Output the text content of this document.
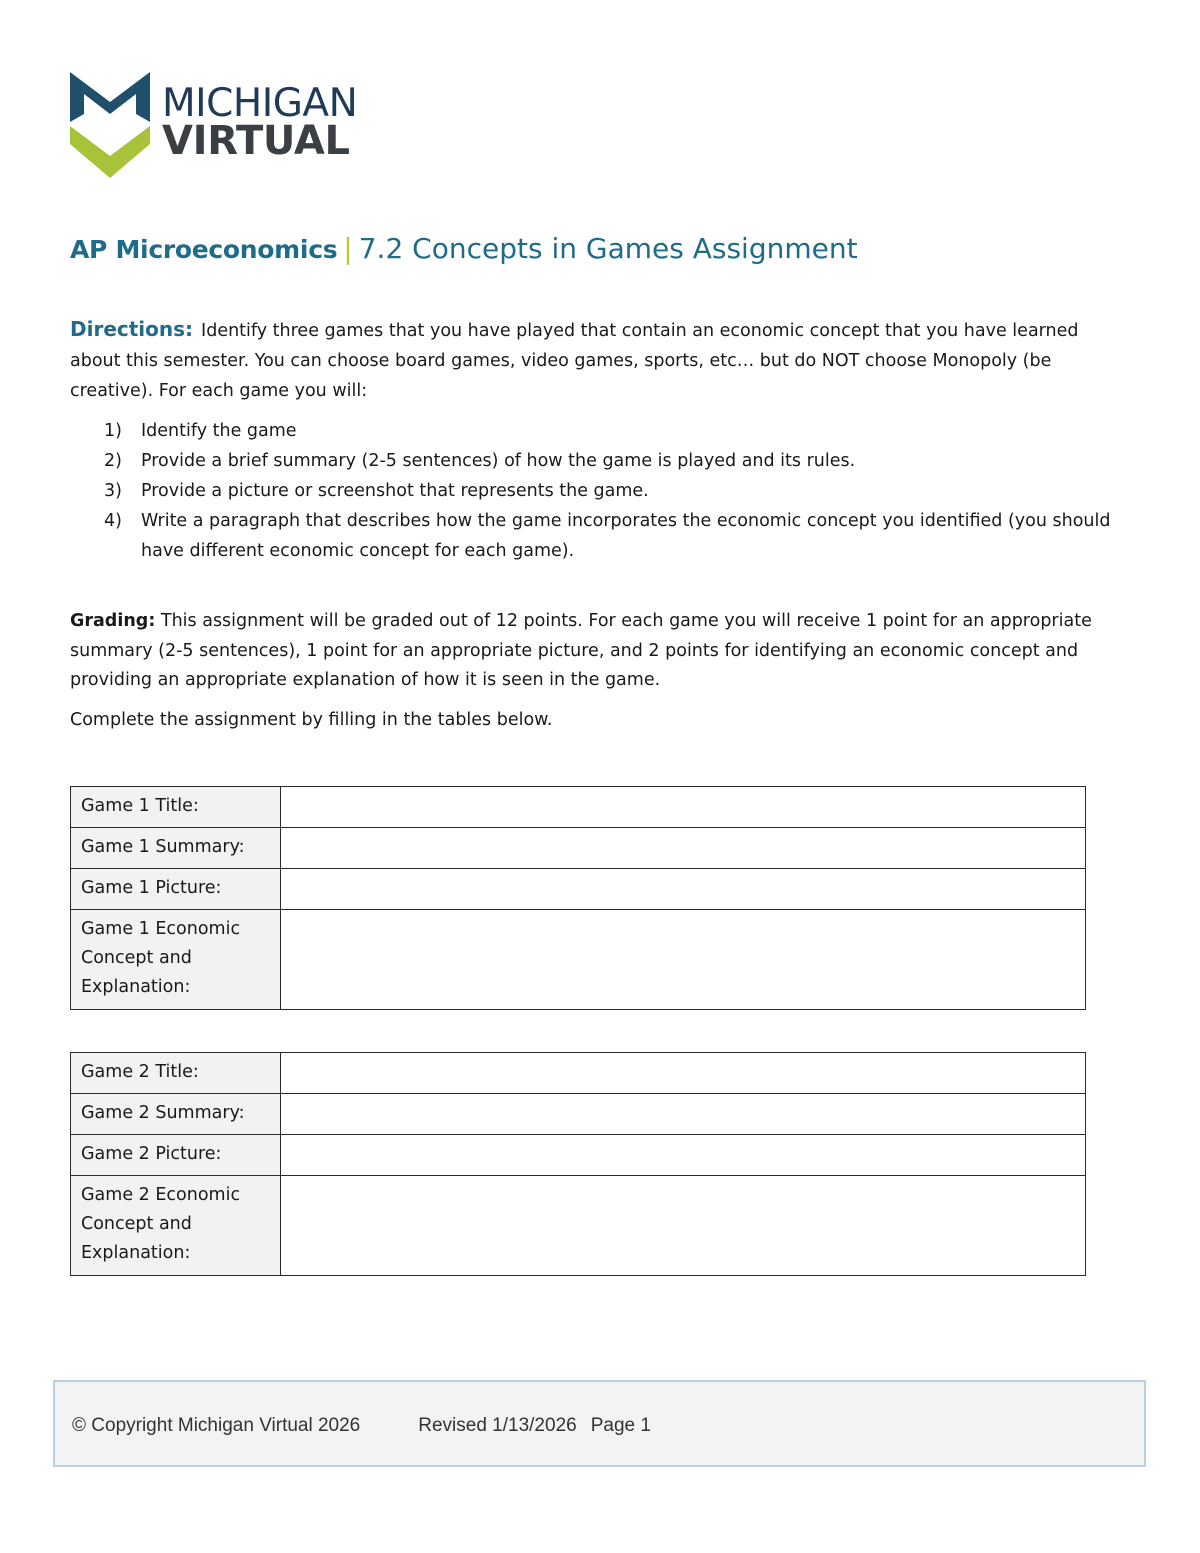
MICHIGAN
VIRTUAL
AP Microeconomics | 7.2 Concepts in Games Assignment
Directions: Identify three games that you have played that contain an economic concept that you have learned about this semester. You can choose board games, video games, sports, etc… but do NOT choose Monopoly (be creative). For each game you will:
1) Identify the game
2) Provide a brief summary (2-5 sentences) of how the game is played and its rules.
3) Provide a picture or screenshot that represents the game.
4) Write a paragraph that describes how the game incorporates the economic concept you identified (you should have different economic concept for each game).
Grading: This assignment will be graded out of 12 points. For each game you will receive 1 point for an appropriate summary (2-5 sentences), 1 point for an appropriate picture, and 2 points for identifying an economic concept and providing an appropriate explanation of how it is seen in the game.
Complete the assignment by filling in the tables below.
Game 1 Title:	
Game 1 Summary:	
Game 1 Picture:	
Game 1 Economic Concept and Explanation:	
Game 2 Title:	
Game 2 Summary:	
Game 2 Picture:	
Game 2 Economic Concept and Explanation:	
© Copyright Michigan Virtual 2026	Revised 1/13/2026 Page 1
